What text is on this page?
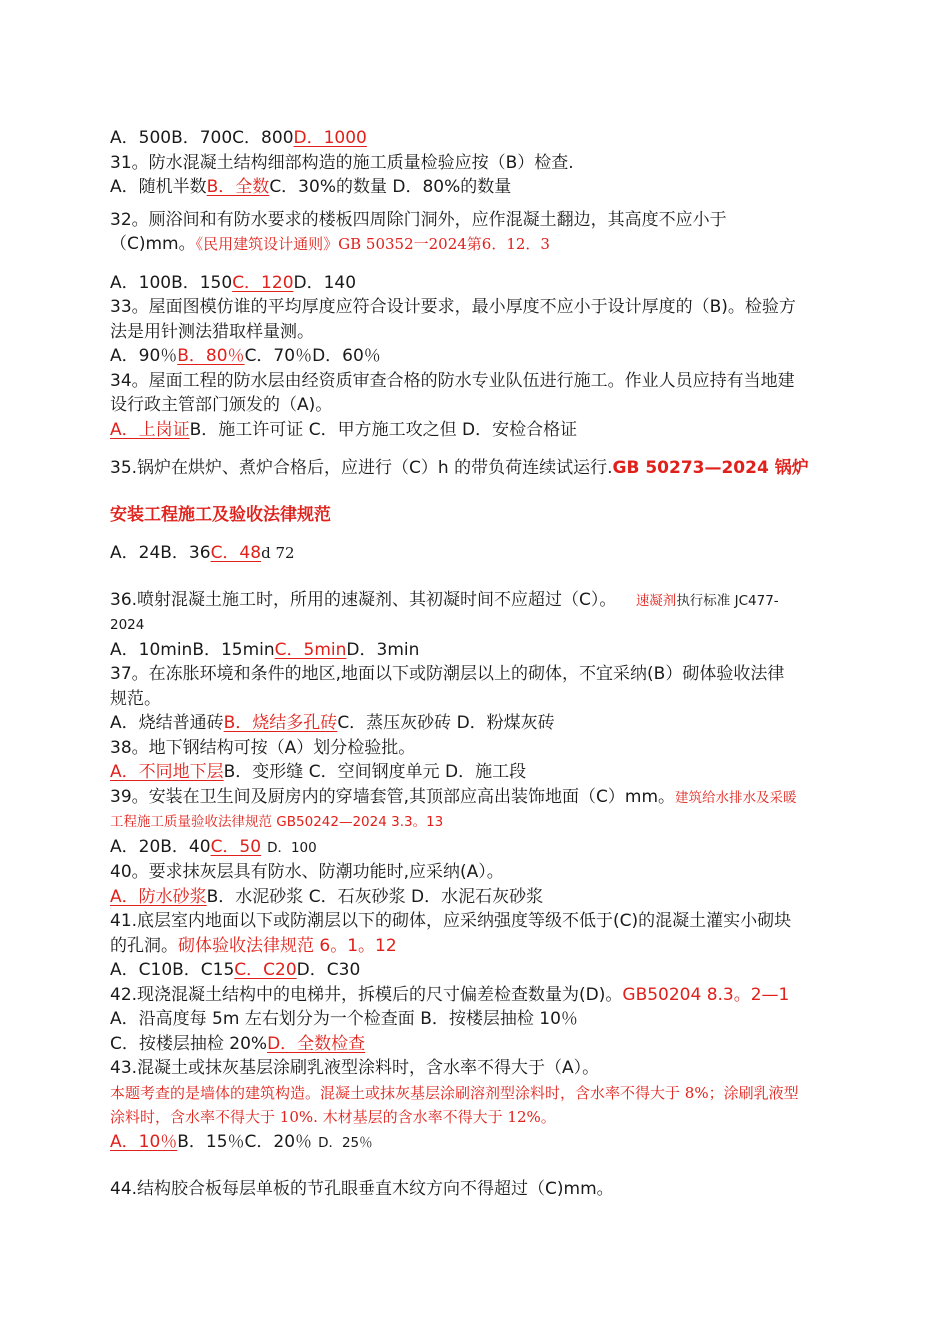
A．500B．700C．800D．1000
31。防水混凝土结构细部构造的施工质量检验应按（B）检查.
A．随机半数B．全数C．30%的数量 D．80%的数量
32。厕浴间和有防水要求的楼板四周除门洞外，应作混凝土翻边，其高度不应小于
（C)mm。《民用建筑设计通则》GB 50352一2024第6．12．3
A．100B．150C．120D．140
33。屋面图模仿谁的平均厚度应符合设计要求，最小厚度不应小于设计厚度的（B)。检验方
法是用针测法猎取样量测。
A．90％B．80％C．70％D．60％
34。屋面工程的防水层由经资质审查合格的防水专业队伍进行施工。作业人员应持有当地建
设行政主管部门颁发的（A)。
A．上岗证B．施工许可证 C．甲方施工攻之但 D．安检合格证
35.锅炉在烘炉、煮炉合格后，应进行（C）h 的带负荷连续试运行.GB 50273—2024 锅炉
安装工程施工及验收法律规范
A．24B．36C．48d 72
36.喷射混凝土施工时，所用的速凝剂、其初凝时间不应超过（C）。 速凝剂执行标准 JC477-
2024
A．10minB．15minC．5minD．3min
37。在冻胀环境和条件的地区,地面以下或防潮层以上的砌体，不宜采纳(B）砌体验收法律
规范。
A．烧结普通砖B．烧结多孔砖C．蒸压灰砂砖 D．粉煤灰砖
38。地下钢结构可按（A）划分检验批。
A．不同地下层B．变形缝 C．空间钢度单元 D．施工段
39。安装在卫生间及厨房内的穿墙套管,其顶部应高出装饰地面（C）mm。建筑给水排水及采暖
工程施工质量验收法律规范 GB50242—2024 3.3。13
A．20B．40C．50 D．100
40。要求抹灰层具有防水、防潮功能时,应采纳(A）。
A．防水砂浆B．水泥砂浆 C．石灰砂浆 D．水泥石灰砂浆
41.底层室内地面以下或防潮层以下的砌体，应采纳强度等级不低于(C)的混凝土灌实小砌块
的孔洞。砌体验收法律规范 6。1。12
A．C10B．C15C．C20D．C30
42.现浇混凝土结构中的电梯井，拆模后的尺寸偏差检查数量为(D)。GB50204 8.3。2—1
A．沿高度每 5m 左右划分为一个检查面 B．按楼层抽检 10％
C．按楼层抽检 20%D．全数检查
43.混凝土或抹灰基层涂刷乳液型涂料时，含水率不得大于（A）。
本题考查的是墙体的建筑构造。混凝土或抹灰基层涂刷溶剂型涂料时，含水率不得大于 8%；涂刷乳液型
涂料时，含水率不得大于 10%. 木材基层的含水率不得大于 12%。
A．10％B．15％C．20％ D．25％
44.结构胶合板每层单板的节孔眼垂直木纹方向不得超过（C)mm。
